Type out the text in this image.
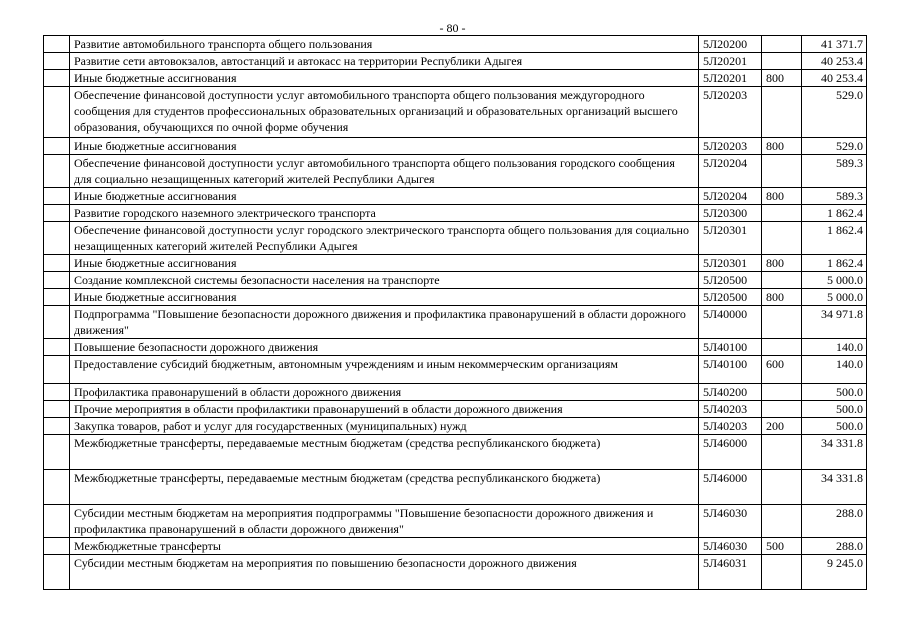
- 80 -
	Развитие автомобильного транспорта общего пользования	5Л20200		41 371.7
	Развитие сети автовокзалов, автостанций и автокасс на территории Республики Адыгея	5Л20201		40 253.4
	Иные бюджетные ассигнования	5Л20201	800	40 253.4
	Обеспечение финансовой доступности услуг автомобильного транспорта общего пользования междугородного сообщения для студентов профессиональных образовательных организаций и образовательных организаций высшего образования, обучающихся по очной форме обучения	5Л20203		529.0
	Иные бюджетные ассигнования	5Л20203	800	529.0
	Обеспечение финансовой доступности услуг автомобильного транспорта общего пользования городского сообщения для социально незащищенных категорий жителей Республики Адыгея	5Л20204		589.3
	Иные бюджетные ассигнования	5Л20204	800	589.3
	Развитие городского наземного электрического транспорта	5Л20300		1 862.4
	Обеспечение финансовой доступности услуг городского электрического транспорта общего пользования для социально незащищенных категорий жителей Республики Адыгея	5Л20301		1 862.4
	Иные бюджетные ассигнования	5Л20301	800	1 862.4
	Создание комплексной системы безопасности населения на транспорте	5Л20500		5 000.0
	Иные бюджетные ассигнования	5Л20500	800	5 000.0
	Подпрограмма "Повышение безопасности дорожного движения и профилактика правонарушений в области дорожного движения"	5Л40000		34 971.8
	Повышение безопасности дорожного движения	5Л40100		140.0
	Предоставление субсидий бюджетным, автономным учреждениям и иным некоммерческим организациям	5Л40100	600	140.0
	Профилактика правонарушений в области дорожного движения	5Л40200		500.0
	Прочие мероприятия в области профилактики правонарушений в области дорожного движения	5Л40203		500.0
	Закупка товаров, работ и услуг для государственных (муниципальных) нужд	5Л40203	200	500.0
	Межбюджетные трансферты, передаваемые местным бюджетам (средства республиканского бюджета)	5Л46000		34 331.8
	Межбюджетные трансферты, передаваемые местным бюджетам (средства республиканского бюджета)	5Л46000		34 331.8
	Субсидии местным бюджетам на мероприятия подпрограммы "Повышение безопасности дорожного движения и профилактика правонарушений в области дорожного движения"	5Л46030		288.0
	Межбюджетные трансферты	5Л46030	500	288.0
	Субсидии местным бюджетам на мероприятия по повышению безопасности дорожного движения	5Л46031		9 245.0
